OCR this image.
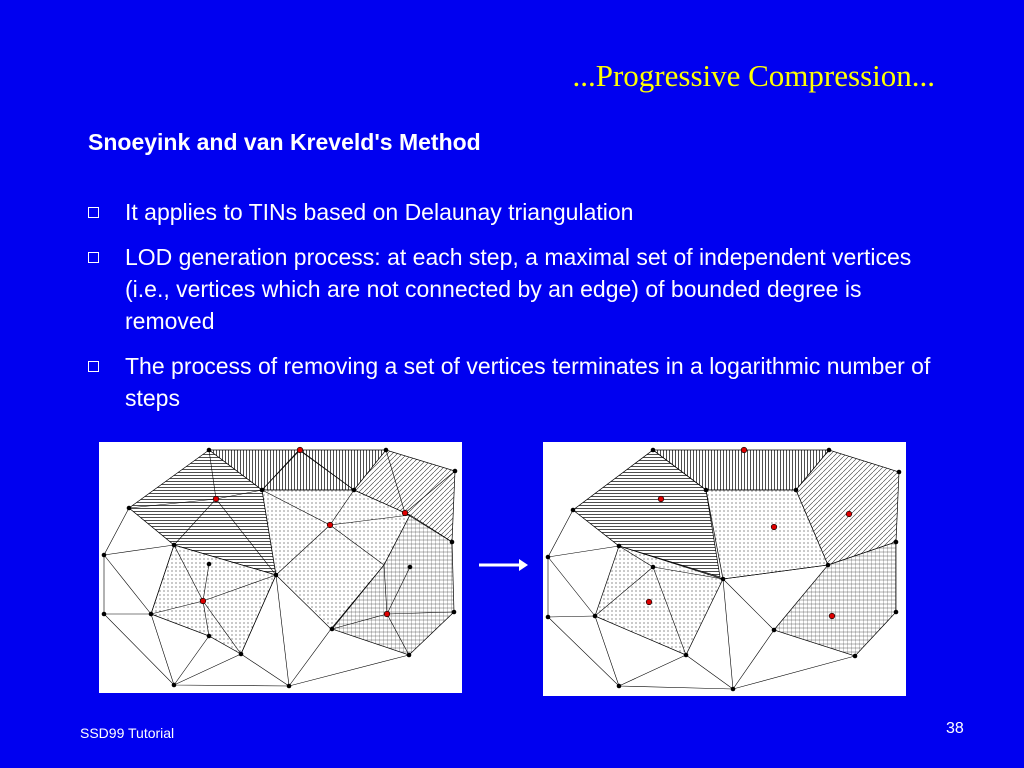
...Progressive Compression...
Snoeyink and van Kreveld's Method
It applies to TINs based on Delaunay triangulation
LOD generation process: at each step, a maximal set of independent vertices (i.e., vertices which are not connected by an edge) of bounded degree is removed
The process of removing a set of vertices terminates in a logarithmic number of steps
SSD99 Tutorial	38
